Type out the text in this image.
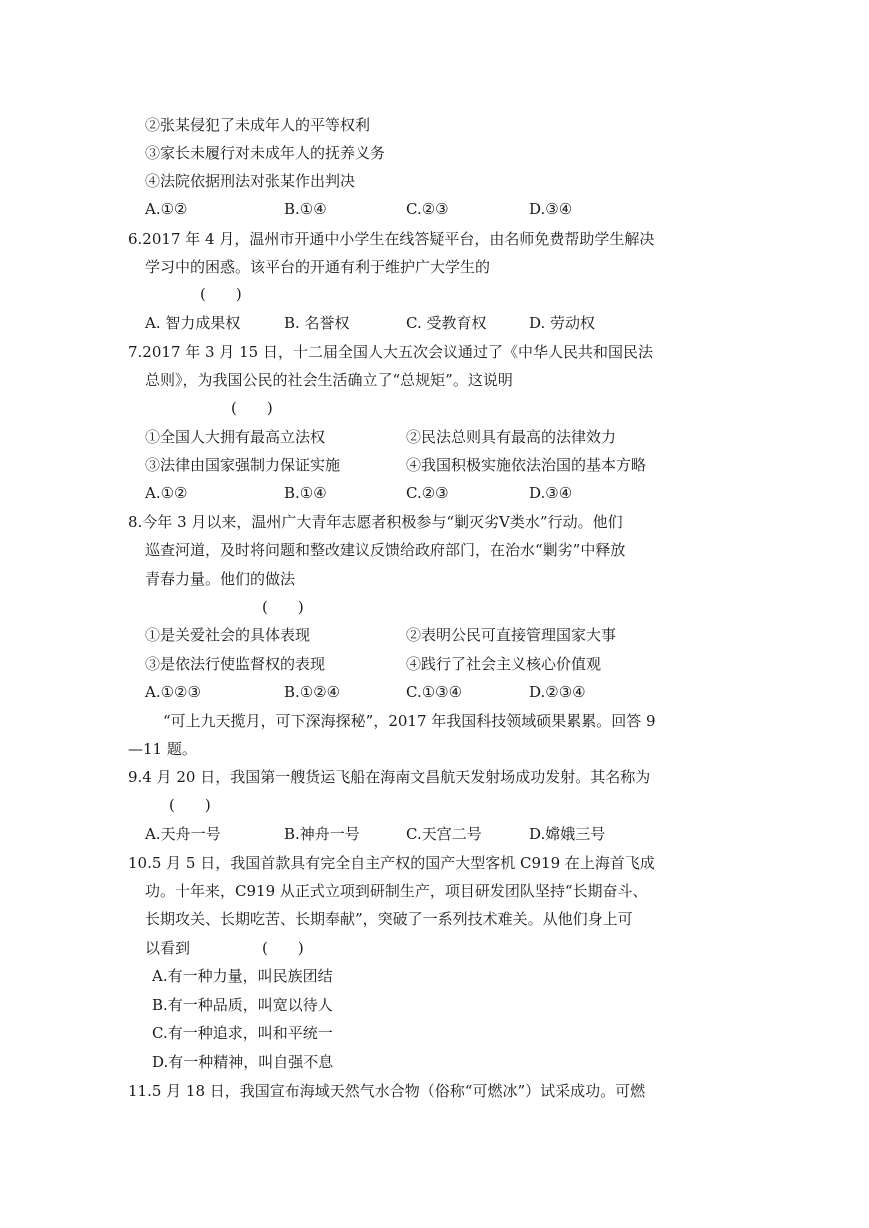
②张某侵犯了未成年人的平等权利
③家长未履行对未成年人的抚养义务
④法院依据刑法对张某作出判决
A.①②	B.①④	C.②③	D.③④
6.2017 年 4 月，温州市开通中小学生在线答疑平台，由名师免费帮助学生解决
学习中的困惑。该平台的开通有利于维护广大学生的
(　　)
A. 智力成果权	B. 名誉权	C. 受教育权	D. 劳动权
7.2017 年 3 月 15 日，十二届全国人大五次会议通过了《中华人民共和国民法
总则》，为我国公民的社会生活确立了“总规矩”。这说明
(　　)
①全国人大拥有最高立法权	②民法总则具有最高的法律效力
③法律由国家强制力保证实施	④我国积极实施依法治国的基本方略
A.①②	B.①④	C.②③	D.③④
8.今年 3 月以来，温州广大青年志愿者积极参与“剿灭劣Ⅴ类水”行动。他们
巡查河道，及时将问题和整改建议反馈给政府部门，在治水“剿劣”中释放
青春力量。他们的做法
(　　)
①是关爱社会的具体表现	②表明公民可直接管理国家大事
③是依法行使监督权的表现	④践行了社会主义核心价值观
A.①②③	B.①②④	C.①③④	D.②③④
“可上九天揽月，可下深海探秘”，2017 年我国科技领域硕果累累。回答 9
—11 题。
9.4 月 20 日，我国第一艘货运飞船在海南文昌航天发射场成功发射。其名称为
(　　)
A.天舟一号	B.神舟一号	C.天宫二号	D.嫦娥三号
10.5 月 5 日，我国首款具有完全自主产权的国产大型客机 C919 在上海首飞成
功。十年来，C919 从正式立项到研制生产，项目研发团队坚持“长期奋斗、
长期攻关、长期吃苦、长期奉献”，突破了一系列技术难关。从他们身上可
以看到	(　　)
A.有一种力量，叫民族团结
B.有一种品质，叫宽以待人
C.有一种追求，叫和平统一
D.有一种精神，叫自强不息
11.5 月 18 日，我国宣布海域天然气水合物（俗称“可燃冰”）试采成功。可燃
